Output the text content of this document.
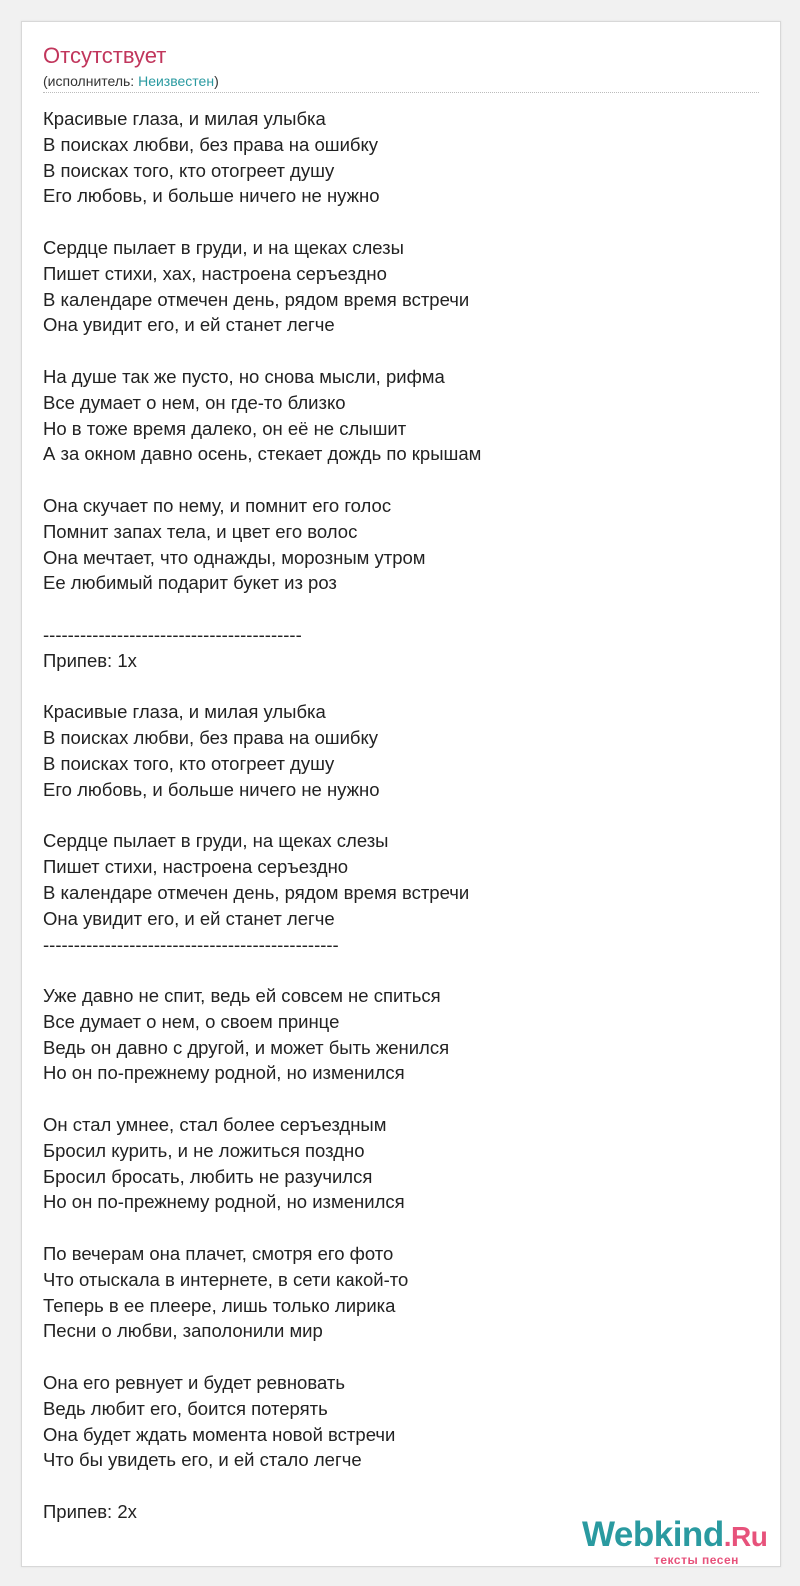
Отсутствует
(исполнитель: Неизвестен)
Красивые глаза, и милая улыбка
В поисках любви, без права на ошибку
В поисках того, кто отогреет душу
Его любовь, и больше ничего не нужно
Сердце пылает в груди, и на щеках слезы
Пишет стихи, хах, настроена серъездно
В календаре отмечен день, рядом время встречи
Она увидит его, и ей станет легче
На душе так же пусто, но снова мысли, рифма
Все думает о нем, он где-то близко
Но в тоже время далеко, он её не слышит
А за окном давно осень, стекает дождь по крышам
Она скучает по нему, и помнит его голос
Помнит запах тела, и цвет его волос
Она мечтает, что однажды, морозным утром
Ее любимый подарит букет из роз
------------------------------------------
Припев: 1х
Красивые глаза, и милая улыбка
В поисках любви, без права на ошибку
В поисках того, кто отогреет душу
Его любовь, и больше ничего не нужно
Сердце пылает в груди, на щеках слезы
Пишет стихи, настроена серъездно
В календаре отмечен день, рядом время встречи
Она увидит его, и ей станет легче
------------------------------------------------
Уже давно не спит, ведь ей совсем не спиться
Все думает о нем, о своем принце
Ведь он давно с другой, и может быть женился
Но он по-прежнему родной, но изменился
Он стал умнее, стал более серъездным
Бросил курить, и не ложиться поздно
Бросил бросать, любить не разучился
Но он по-прежнему родной, но изменился
По вечерам она плачет, смотря его фото
Что отыскала в интернете, в сети какой-то
Теперь в ее плеере, лишь только лирика
Песни о любви, заполонили мир
Она его ревнует и будет ревновать
Ведь любит его, боится потерять
Она будет ждать момента новой встречи
Что бы увидеть его, и ей стало легче
Припев: 2х
Webkind.Ru
тексты песен
